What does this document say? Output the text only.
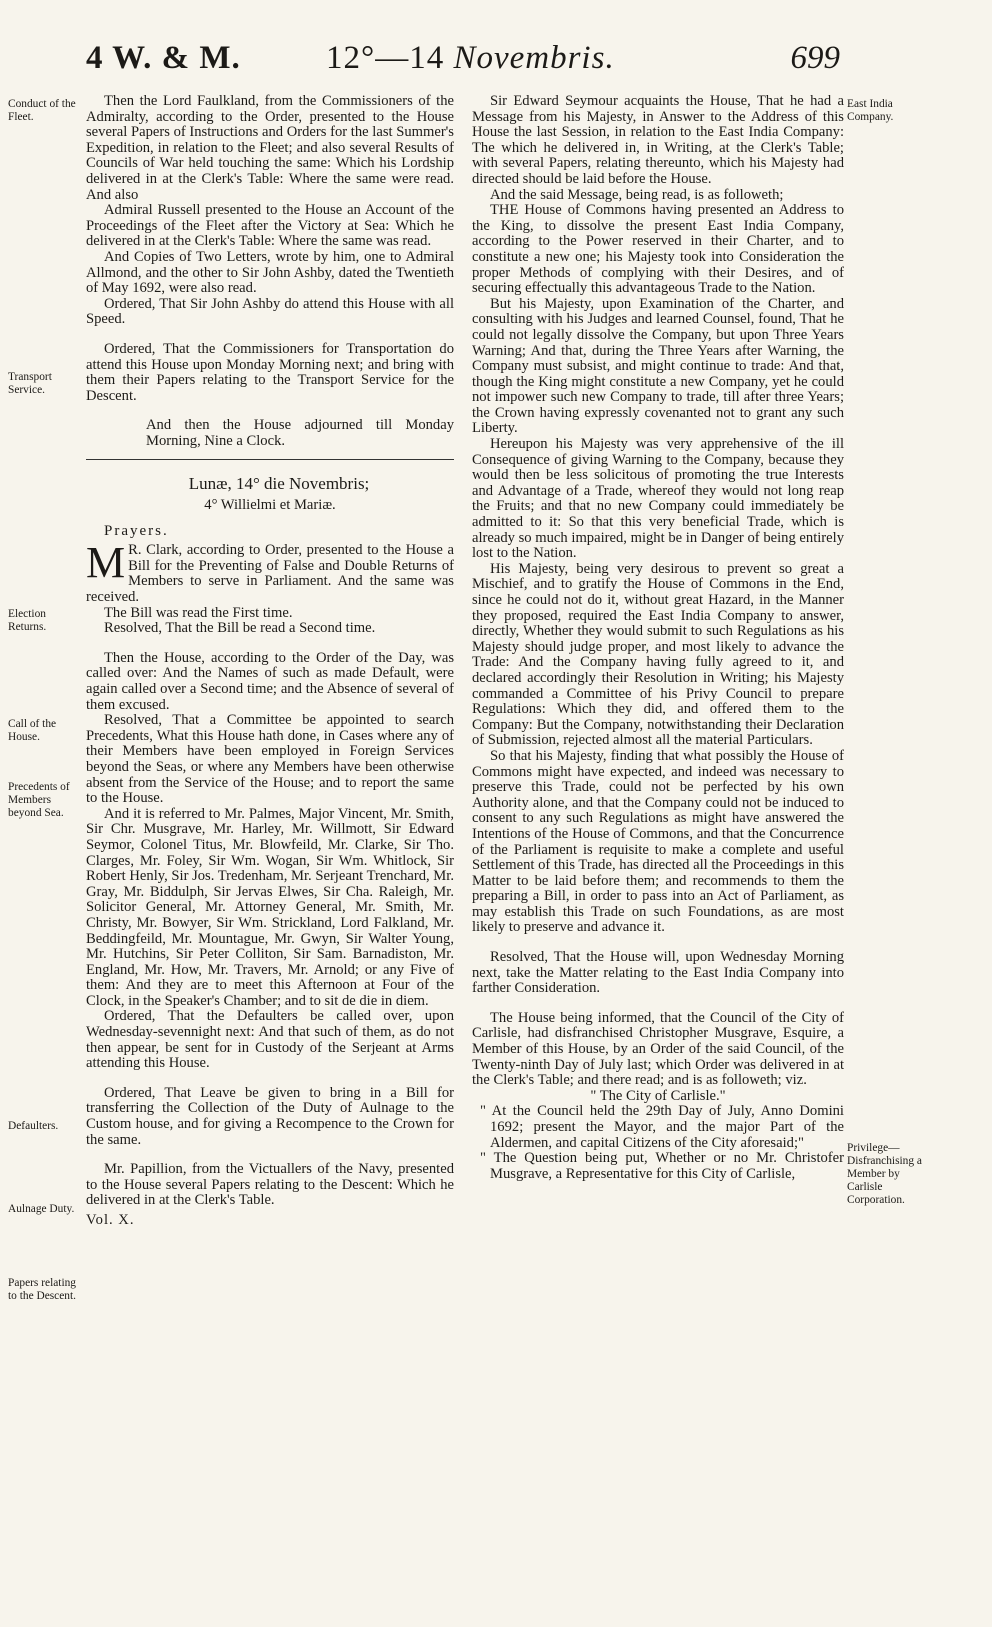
4 W. & M.	12°—14 Novembris.	699
Conduct of the Fleet.
Transport Service.
Election Returns.
Call of the House.
Precedents of Members beyond Sea.
Defaulters.
Aulnage Duty.
Papers relating to the Descent.
East India Company.
Privilege—Disfranchising a Member by Carlisle Corporation.

Then the Lord Faulkland, from the Commissioners of the Admiralty, according to the Order, presented to the House several Papers of Instructions and Orders for the last Summer's Expedition, in relation to the Fleet; and also several Results of Councils of War held touching the same: Which his Lordship delivered in at the Clerk's Table: Where the same were read. And also

Admiral Russell presented to the House an Account of the Proceedings of the Fleet after the Victory at Sea: Which he delivered in at the Clerk's Table: Where the same was read.

And Copies of Two Letters, wrote by him, one to Admiral Allmond, and the other to Sir John Ashby, dated the Twentieth of May 1692, were also read.

Ordered, That Sir John Ashby do attend this House with all Speed.

Ordered, That the Commissioners for Transportation do attend this House upon Monday Morning next; and bring with them their Papers relating to the Transport Service for the Descent.

And then the House adjourned till Monday Morning, Nine a Clock.

Lunæ, 14° die Novembris;

4° Willielmi et Mariæ.

Prayers.

M R. Clark, according to Order, presented to the House a Bill for the Preventing of False and Double Returns of Members to serve in Parliament. And the same was received.

The Bill was read the First time.

Resolved, That the Bill be read a Second time.

Then the House, according to the Order of the Day, was called over: And the Names of such as made Default, were again called over a Second time; and the Absence of several of them excused.

Resolved, That a Committee be appointed to search Precedents, What this House hath done, in Cases where any of their Members have been employed in Foreign Services beyond the Seas, or where any Members have been otherwise absent from the Service of the House; and to report the same to the House.

And it is referred to Mr. Palmes, Major Vincent, Mr. Smith, Sir Chr. Musgrave, Mr. Harley, Mr. Willmott, Sir Edward Seymor, Colonel Titus, Mr. Blowfeild, Mr. Clarke, Sir Tho. Clarges, Mr. Foley, Sir Wm. Wogan, Sir Wm. Whitlock, Sir Robert Henly, Sir Jos. Tredenham, Mr. Serjeant Trenchard, Mr. Gray, Mr. Biddulph, Sir Jervas Elwes, Sir Cha. Raleigh, Mr. Solicitor General, Mr. Attorney General, Mr. Smith, Mr. Christy, Mr. Bowyer, Sir Wm. Strickland, Lord Falkland, Mr. Beddingfeild, Mr. Mountague, Mr. Gwyn, Sir Walter Young, Mr. Hutchins, Sir Peter Colliton, Sir Sam. Barnadiston, Mr. England, Mr. How, Mr. Travers, Mr. Arnold; or any Five of them: And they are to meet this Afternoon at Four of the Clock, in the Speaker's Chamber; and to sit de die in diem.

Ordered, That the Defaulters be called over, upon Wednesday-sevennight next: And that such of them, as do not then appear, be sent for in Custody of the Serjeant at Arms attending this House.

Ordered, That Leave be given to bring in a Bill for transferring the Collection of the Duty of Aulnage to the Custom house, and for giving a Recompence to the Crown for the same.

Mr. Papillion, from the Victuallers of the Navy, presented to the House several Papers relating to the Descent: Which he delivered in at the Clerk's Table.

Vol. X.

Sir Edward Seymour acquaints the House, That he had a Message from his Majesty, in Answer to the Address of this House the last Session, in relation to the East India Company: The which he delivered in, in Writing, at the Clerk's Table; with several Papers, relating thereunto, which his Majesty had directed should be laid before the House.

And the said Message, being read, is as followeth;

THE House of Commons having presented an Address to the King, to dissolve the present East India Company, according to the Power reserved in their Charter, and to constitute a new one; his Majesty took into Consideration the proper Methods of complying with their Desires, and of securing effectually this advantageous Trade to the Nation.

But his Majesty, upon Examination of the Charter, and consulting with his Judges and learned Counsel, found, That he could not legally dissolve the Company, but upon Three Years Warning; And that, during the Three Years after Warning, the Company must subsist, and might continue to trade: And that, though the King might constitute a new Company, yet he could not impower such new Company to trade, till after three Years; the Crown having expressly covenanted not to grant any such Liberty.

Hereupon his Majesty was very apprehensive of the ill Consequence of giving Warning to the Company, because they would then be less solicitous of promoting the true Interests and Advantage of a Trade, whereof they would not long reap the Fruits; and that no new Company could immediately be admitted to it: So that this very beneficial Trade, which is already so much impaired, might be in Danger of being entirely lost to the Nation.

His Majesty, being very desirous to prevent so great a Mischief, and to gratify the House of Commons in the End, since he could not do it, without great Hazard, in the Manner they proposed, required the East India Company to answer, directly, Whether they would submit to such Regulations as his Majesty should judge proper, and most likely to advance the Trade: And the Company having fully agreed to it, and declared accordingly their Resolution in Writing; his Majesty commanded a Committee of his Privy Council to prepare Regulations: Which they did, and offered them to the Company: But the Company, notwithstanding their Declaration of Submission, rejected almost all the material Particulars.

So that his Majesty, finding that what possibly the House of Commons might have expected, and indeed was necessary to preserve this Trade, could not be perfected by his own Authority alone, and that the Company could not be induced to consent to any such Regulations as might have answered the Intentions of the House of Commons, and that the Concurrence of the Parliament is requisite to make a complete and useful Settlement of this Trade, has directed all the Proceedings in this Matter to be laid before them; and recommends to them the preparing a Bill, in order to pass into an Act of Parliament, as may establish this Trade on such Foundations, as are most likely to preserve and advance it.

Resolved, That the House will, upon Wednesday Morning next, take the Matter relating to the East India Company into farther Consideration.

The House being informed, that the Council of the City of Carlisle, had disfranchised Christopher Musgrave, Esquire, a Member of this House, by an Order of the said Council, of the Twenty-ninth Day of July last; which Order was delivered in at the Clerk's Table; and there read; and is as followeth; viz.

" The City of Carlisle."

" At the Council held the 29th Day of July, Anno Domini 1692; present the Mayor, and the major Part of the Aldermen, and capital Citizens of the City aforesaid;"

" The Question being put, Whether or no Mr. Christofer Musgrave, a Representative for this City of Carlisle,
